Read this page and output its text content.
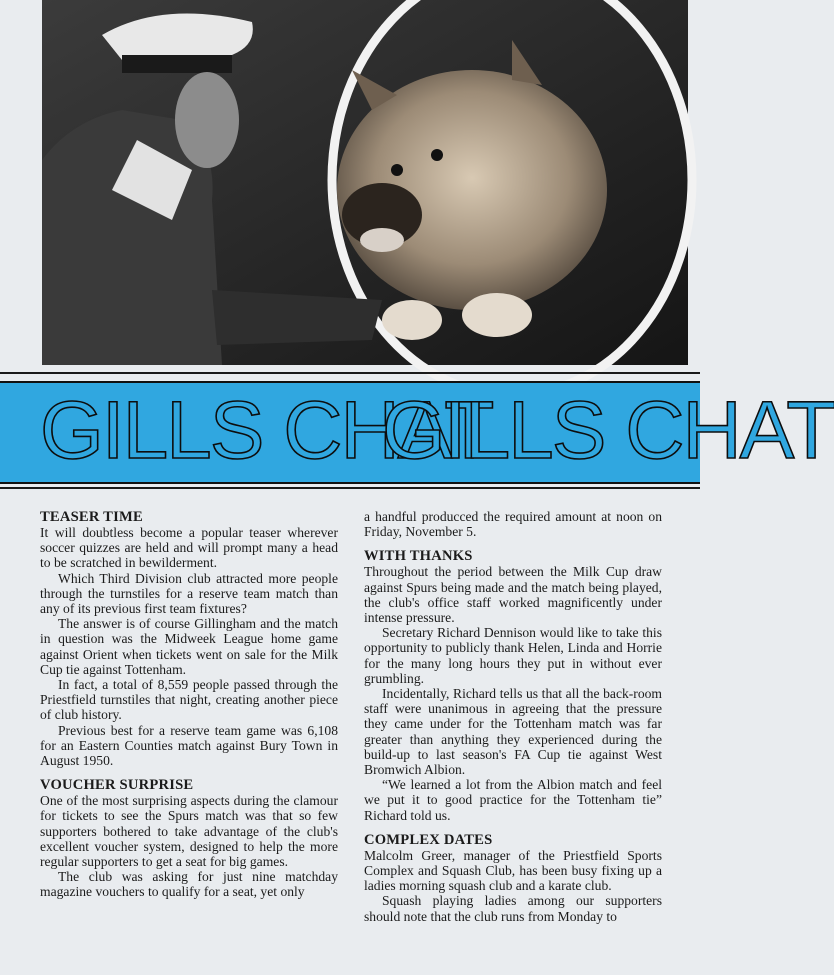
GILLS CHAT
GILLS CHAT
TEASER TIME

It will doubtless become a popular teaser wherever soccer quizzes are held and will prompt many a head to be scratched in bewilderment.

Which Third Division club attracted more people through the turnstiles for a reserve team match than any of its previous first team fixtures?

The answer is of course Gillingham and the match in question was the Midweek League home game against Orient when tickets went on sale for the Milk Cup tie against Tottenham.

In fact, a total of 8,559 people passed through the Priestfield turnstiles that night, creating another piece of club history.

Previous best for a reserve team game was 6,108 for an Eastern Counties match against Bury Town in August 1950.

VOUCHER SURPRISE

One of the most surprising aspects during the clamour for tickets to see the Spurs match was that so few supporters bothered to take advantage of the club's excellent voucher system, designed to help the more regular supporters to get a seat for big games.

The club was asking for just nine matchday magazine vouchers to qualify for a seat, yet only

a handful producced the required amount at noon on Friday, November 5.

WITH THANKS

Throughout the period between the Milk Cup draw against Spurs being made and the match being played, the club's office staff worked magnificently under intense pressure.

Secretary Richard Dennison would like to take this opportunity to publicly thank Helen, Linda and Horrie for the many long hours they put in without ever grumbling.

Incidentally, Richard tells us that all the back-room staff were unanimous in agreeing that the pressure they came under for the Tottenham match was far greater than anything they experienced during the build-up to last season's FA Cup tie against West Bromwich Albion.

“We learned a lot from the Albion match and feel we put it to good practice for the Tottenham tie” Richard told us.

COMPLEX DATES

Malcolm Greer, manager of the Priestfield Sports Complex and Squash Club, has been busy fixing up a ladies morning squash club and a karate club.

Squash playing ladies among our supporters should note that the club runs from Monday to
